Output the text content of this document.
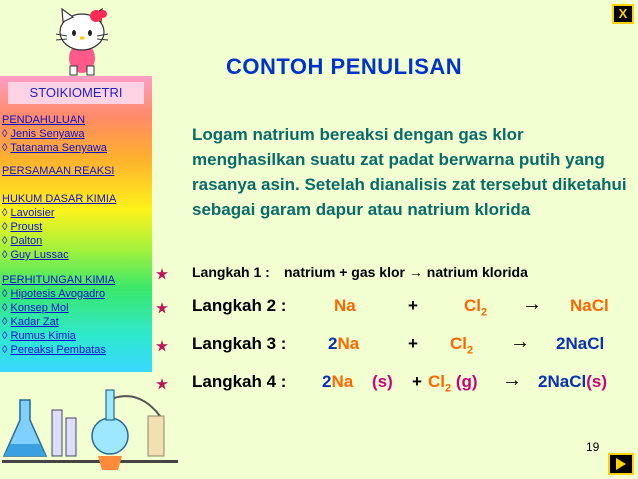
X
CONTOH PENULISAN
STOIKIOMETRI
PENDAHULUAN
◊ Jenis Senyawa
◊ Tatanama Senyawa
PERSAMAAN REAKSI
HUKUM DASAR KIMIA
◊ Lavoisier
◊ Proust
◊ Dalton
◊ Guy Lussac
PERHITUNGAN KIMIA
◊ Hipotesis Avogadro
◊ Konsep Mol
◊ Kadar Zat
◊ Rumus Kimia
◊ Pereaksi Pembatas
Logam natrium bereaksi dengan gas klor menghasilkan suatu zat padat berwarna putih yang rasanya asin. Setelah dianalisis zat tersebut diketahui sebagai garam dapur atau natrium klorida
Langkah 1 : natrium + gas klor → natrium klorida
Langkah 2 :	Na	+	$Cl_2$ → NaCl
Langkah 3 : 2Na	+ $Cl_2$ → 2NaCl
Langkah 4 : 2Na $(s) + Cl_2$ (g) → 2NaCl(s)
19
